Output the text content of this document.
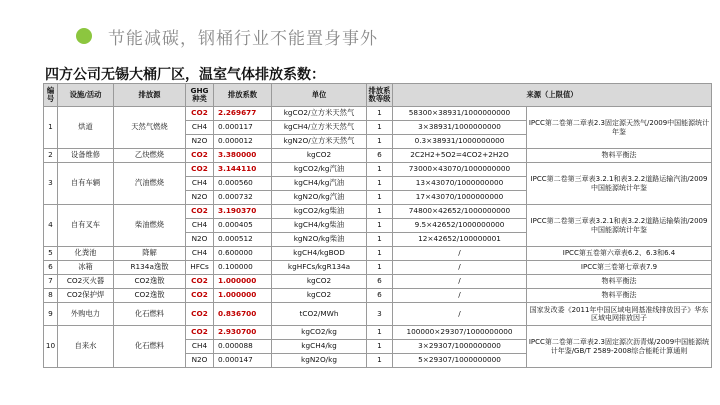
节能减碳，钢桶行业不能置身事外
四方公司无锡大桶厂区，温室气体排放系数：
编号	设施/活动	排放源	GHG种类	排放系数	单位	排放系数等级	来源（上限值）	
1	烘道	天然气燃烧	CO2	2.269677	kgCO2/立方米天然气	1	58300×38931/1000000000	IPCC第二卷第二章表2.3固定源天然气/2009中国能源统计年鉴
			CH4	0.000117	kgCH4/立方米天然气	1	3×38931/1000000000	
			N2O	0.000012	kgN2O/立方米天然气	1	0.3×38931/1000000000	
2	设备维修	乙炔燃烧	CO2	3.380000	kgCO2	6	2C2H2+5O2=4CO2+2H2O	物料平衡法
3	自有车辆	汽油燃烧	CO2	3.144110	kgCO2/kg汽油	1	73000×43070/1000000000	IPCC第二卷第三章表3.2.1和表3.2.2道路运输汽油/2009中国能源统计年鉴
			CH4	0.000560	kgCH4/kg汽油	1	13×43070/1000000000	
			N2O	0.000732	kgN2O/kg汽油	1	17×43070/1000000000	
4	自有叉车	柴油燃烧	CO2	3.190370	kgCO2/kg柴油	1	74800×42652/1000000000	IPCC第二卷第三章表3.2.1和表3.2.2道路运输柴油/2009中国能源统计年鉴
			CH4	0.000405	kgCH4/kg柴油	1	9.5×42652/1000000000	
			N2O	0.000512	kgN2O/kg柴油	1	12×42652/100000001	
5	化粪池	降解	CH4	0.600000	kgCH4/kgBOD	1	/	IPCC第五卷第六章表6.2、6.3和6.4
6	冰箱	R134a逸散	HFCs	0.100000	kgHFCs/kgR134a	1	/	IPCC第三卷第七章表7.9
7	CO2灭火器	CO2逸散	CO2	1.000000	kgCO2	6	/	物料平衡法
8	CO2保护焊	CO2逸散	CO2	1.000000	kgCO2	6	/	物料平衡法
9	外购电力	化石燃料	CO2	0.836700	tCO2/MWh	3	/	国家发改委《2011年中国区域电网基准线排放因子》华东区域电网排放因子
10	自来水	化石燃料	CO2	2.930700	kgCO2/kg	1	100000×29307/1000000000	IPCC第二卷第二章表2.3固定源次沥青煤/2009中国能源统计年鉴/GB/T 2589-2008综合能耗计算通则
			CH4	0.000088	kgCH4/kg	1	3×29307/1000000000	
			N2O	0.000147	kgN2O/kg	1	5×29307/1000000000	
